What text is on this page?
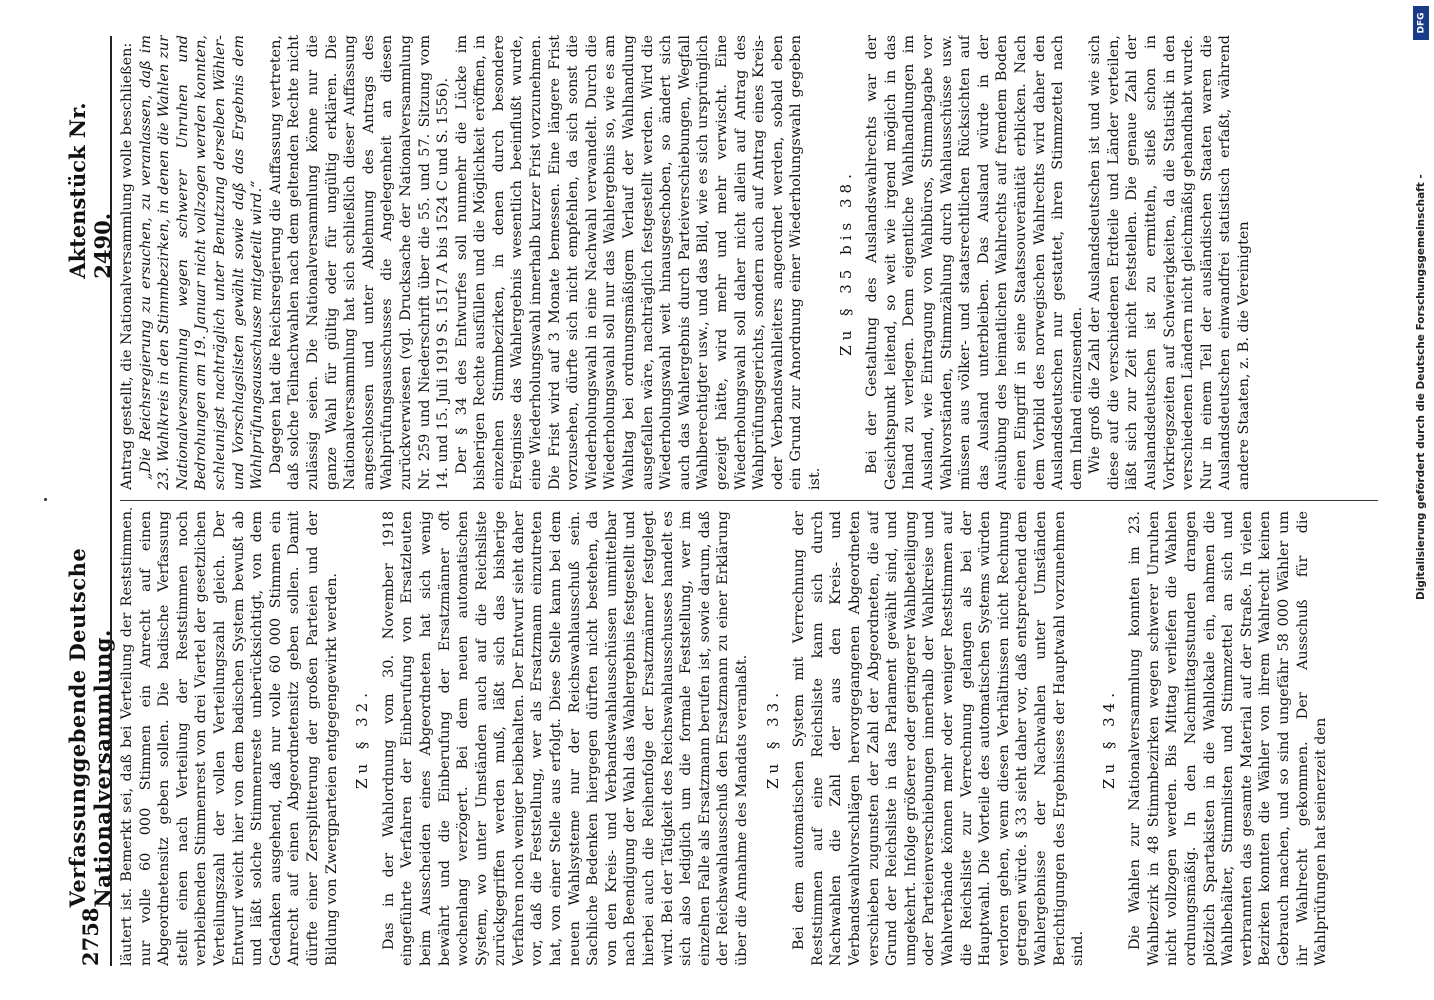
2758
Verfassunggebende Deutsche Nationalversammlung.
Aktenstück Nr. 2490.

läutert ist. Bemerkt sei, daß bei Verteilung der Reststimmen nur volle 60 000 Stimmen ein Anrecht auf einen Abgeordnetensitz geben sollen. Die badische Verfassung stellt einen nach Verteilung der Reststimmen noch verbleibenden Stimmenrest von drei Viertel der gesetzlichen Verteilungszahl der vollen Verteilungszahl gleich. Der Entwurf weicht hier von dem badischen System bewußt ab und läßt solche Stimmenreste unberücksichtigt, von dem Gedanken ausgehend, daß nur volle 60 000 Stimmen ein Anrecht auf einen Abgeordnetensitz geben sollen. Damit dürfte einer Zersplitterung der großen Parteien und der Bildung von Zwergparteien entgegengewirkt werden. Zu § 32. Das in der Wahlordnung vom 30. November 1918 eingeführte Verfahren der Einberufung von Ersatzleuten beim Ausscheiden eines Abgeordneten hat sich wenig bewährt und die Einberufung der Ersatzmänner oft wochenlang verzögert. Bei dem neuen automatischen System, wo unter Umständen auch auf die Reichsliste zurückgegriffen werden muß, läßt sich das bisherige Verfahren noch weniger beibehalten. Der Entwurf sieht daher vor, daß die Feststellung, wer als Ersatzmann einzutreten hat, von einer Stelle aus erfolgt. Diese Stelle kann bei dem neuen Wahlsysteme nur der Reichswahlausschuß sein. Sachliche Bedenken hiergegen dürften nicht bestehen, da von den Kreis- und Verbandswahlausschüssen unmittelbar nach Beendigung der Wahl das Wahlergebnis festgestellt und hierbei auch die Reihenfolge der Ersatzmänner festgelegt wird. Bei der Tätigkeit des Reichswahlausschusses handelt es sich also lediglich um die formale Feststellung, wer im einzelnen Falle als Ersatzmann berufen ist, sowie darum, daß der Reichswahlausschuß den Ersatzmann zu einer Erklärung über die Annahme des Mandats veranlaßt. Zu § 33. Bei dem automatischen System mit Verrechnung der Reststimmen auf eine Reichsliste kann sich durch Nachwahlen die Zahl der aus den Kreis- und Verbandswahlvorschlägen hervorgegangenen Abgeordneten verschieben zugunsten der Zahl der Abgeordneten, die auf Grund der Reichsliste in das Parlament gewählt sind, und umgekehrt. Infolge größerer oder geringerer Wahlbeteiligung oder Parteienverschiebungen innerhalb der Wahlkreise und Wahlverbände können mehr oder weniger Reststimmen auf die Reichsliste zur Verrechnung gelangen als bei der Hauptwahl. Die Vorteile des automatischen Systems würden verloren gehen, wenn diesen Verhältnissen nicht Rechnung getragen würde. § 33 sieht daher vor, daß entsprechend dem Wahlergebnisse der Nachwahlen unter Umständen Berichtigungen des Ergebnisses der Hauptwahl vorzunehmen sind.

Zu § 34. Die Wahlen zur Nationalversammlung konnten im 23. Wahlbezirk in 48 Stimmbezirken wegen schwerer Unruhen nicht vollzogen werden. Bis Mittag verliefen die Wahlen ordnungsmäßig. In den Nachmittagsstunden drangen plötzlich Spartakisten in die Wahllokale ein, nahmen die Wahlbehälter, Stimmlisten und Stimmzettel an sich und verbrannten das gesamte Material auf der Straße. In vielen Bezirken konnten die Wähler von ihrem Wahlrecht keinen Gebrauch machen, und so sind ungefähr 58 000 Wähler um ihr Wahlrecht gekommen. Der Ausschuß für die Wahlprüfungen hat seinerzeit den

Antrag gestellt, die Nationalversammlung wolle beschließen: „Die Reichsregierung zu ersuchen, zu veranlassen, daß im 23. Wahlkreis in den Stimmbezirken, in denen die Wahlen zur Nationalversammlung wegen schwerer Unruhen und Bedrohungen am 19. Januar nicht vollzogen werden konnten, schleunigst nachträglich unter Benutzung derselben Wähler- und Vorschlagslisten gewählt sowie daß das Ergebnis dem Wahlprüfungsausschusse mitgeteilt wird.“ Dagegen hat die Reichsregierung die Auffassung vertreten, daß solche Teilnachwahlen nach dem geltenden Rechte nicht zulässig seien. Die Nationalversammlung könne nur die ganze Wahl für gültig oder für ungültig erklären. Die Nationalversammlung hat sich schließlich dieser Auffassung angeschlossen und unter Ablehnung des Antrags des Wahlprüfungsausschusses die Angelegenheit an diesen zurückverwiesen (vgl. Drucksache der Nationalversammlung Nr. 259 und Niederschrift über die 55. und 57. Sitzung vom 14. und 15. Juli 1919 S. 1517 A bis 1524 C und S. 1556). Der § 34 des Entwurfes soll nunmehr die Lücke im bisherigen Rechte ausfüllen und die Möglichkeit eröffnen, in einzelnen Stimmbezirken, in denen durch besondere Ereignisse das Wahlergebnis wesentlich beeinflußt wurde, eine Wiederholungswahl innerhalb kurzer Frist vorzunehmen. Die Frist wird auf 3 Monate bemessen. Eine längere Frist vorzusehen, dürfte sich nicht empfehlen, da sich sonst die Wiederholungswahl in eine Nachwahl verwandelt. Durch die Wiederholungswahl soll nur das Wahlergebnis so, wie es am Wahltag bei ordnungsmäßigem Verlauf der Wahlhandlung ausgefallen wäre, nachträglich festgestellt werden. Wird die Wiederholungswahl weit hinausgeschoben, so ändert sich auch das Wahlergebnis durch Parteiverschiebungen, Wegfall Wahlberechtigter usw., und das Bild, wie es sich ursprünglich gezeigt hätte, wird mehr und mehr verwischt. Eine Wiederholungswahl soll daher nicht allein auf Antrag des Wahlprüfungsgerichts, sondern auch auf Antrag eines Kreis- oder Verbandswahlleiters angeordnet werden, sobald eben ein Grund zur Anordnung einer Wiederholungswahl gegeben ist.

Zu § 35 bis 38. Bei der Gestaltung des Auslandswahlrechts war der Gesichtspunkt leitend, so weit wie irgend möglich in das Inland zu verlegen. Denn eigentliche Wahlhandlungen im Ausland, wie Eintragung von Wahlbüros, Stimmabgabe vor Wahlvorständen, Stimmzählung durch Wahlausschüsse usw. müssen aus völker- und staatsrechtlichen Rücksichten auf das Ausland unterbleiben. Das Ausland würde in der Ausübung des heimatlichen Wahlrechts auf fremdem Boden einen Eingriff in seine Staatssouveränität erblicken. Nach dem Vorbild des norwegischen Wahlrechts wird daher den Auslandsdeutschen nur gestattet, ihren Stimmzettel nach dem Inland einzusenden. Wie groß die Zahl der Auslandsdeutschen ist und wie sich diese auf die verschiedenen Erdteile und Länder verteilen, läßt sich zur Zeit nicht feststellen. Die genaue Zahl der Auslandsdeutschen ist zu ermitteln, stieß schon in Vorkriegszeiten auf Schwierigkeiten, da die Statistik in den verschiedenen Ländern nicht gleichmäßig gehandhabt wurde. Nur in einem Teil der ausländischen Staaten waren die Auslandsdeutschen einwandfrei statistisch erfaßt, während andere Staaten, z. B. die Vereinigten

DFG
Digitalisierung gefördert durch die Deutsche Forschungsgemeinschaft -
